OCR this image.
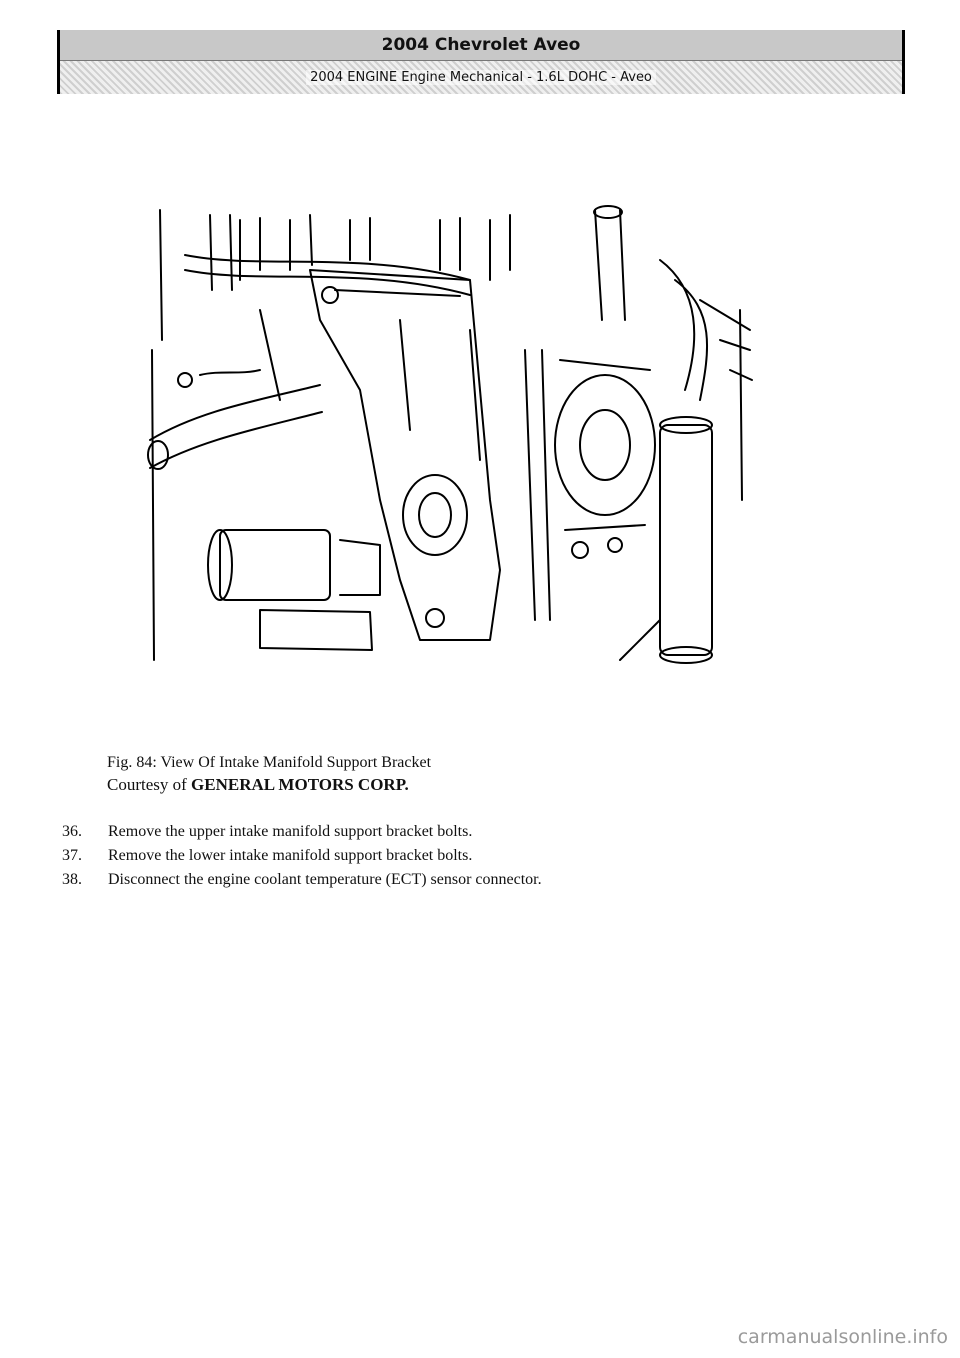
2004 Chevrolet Aveo
2004 ENGINE Engine Mechanical - 1.6L DOHC - Aveo
Fig. 84: View Of Intake Manifold Support Bracket
Courtesy of GENERAL MOTORS CORP.
36.	Remove the upper intake manifold support bracket bolts.
37.	Remove the lower intake manifold support bracket bolts.
38.	Disconnect the engine coolant temperature (ECT) sensor connector.
carmanualsonline.info
